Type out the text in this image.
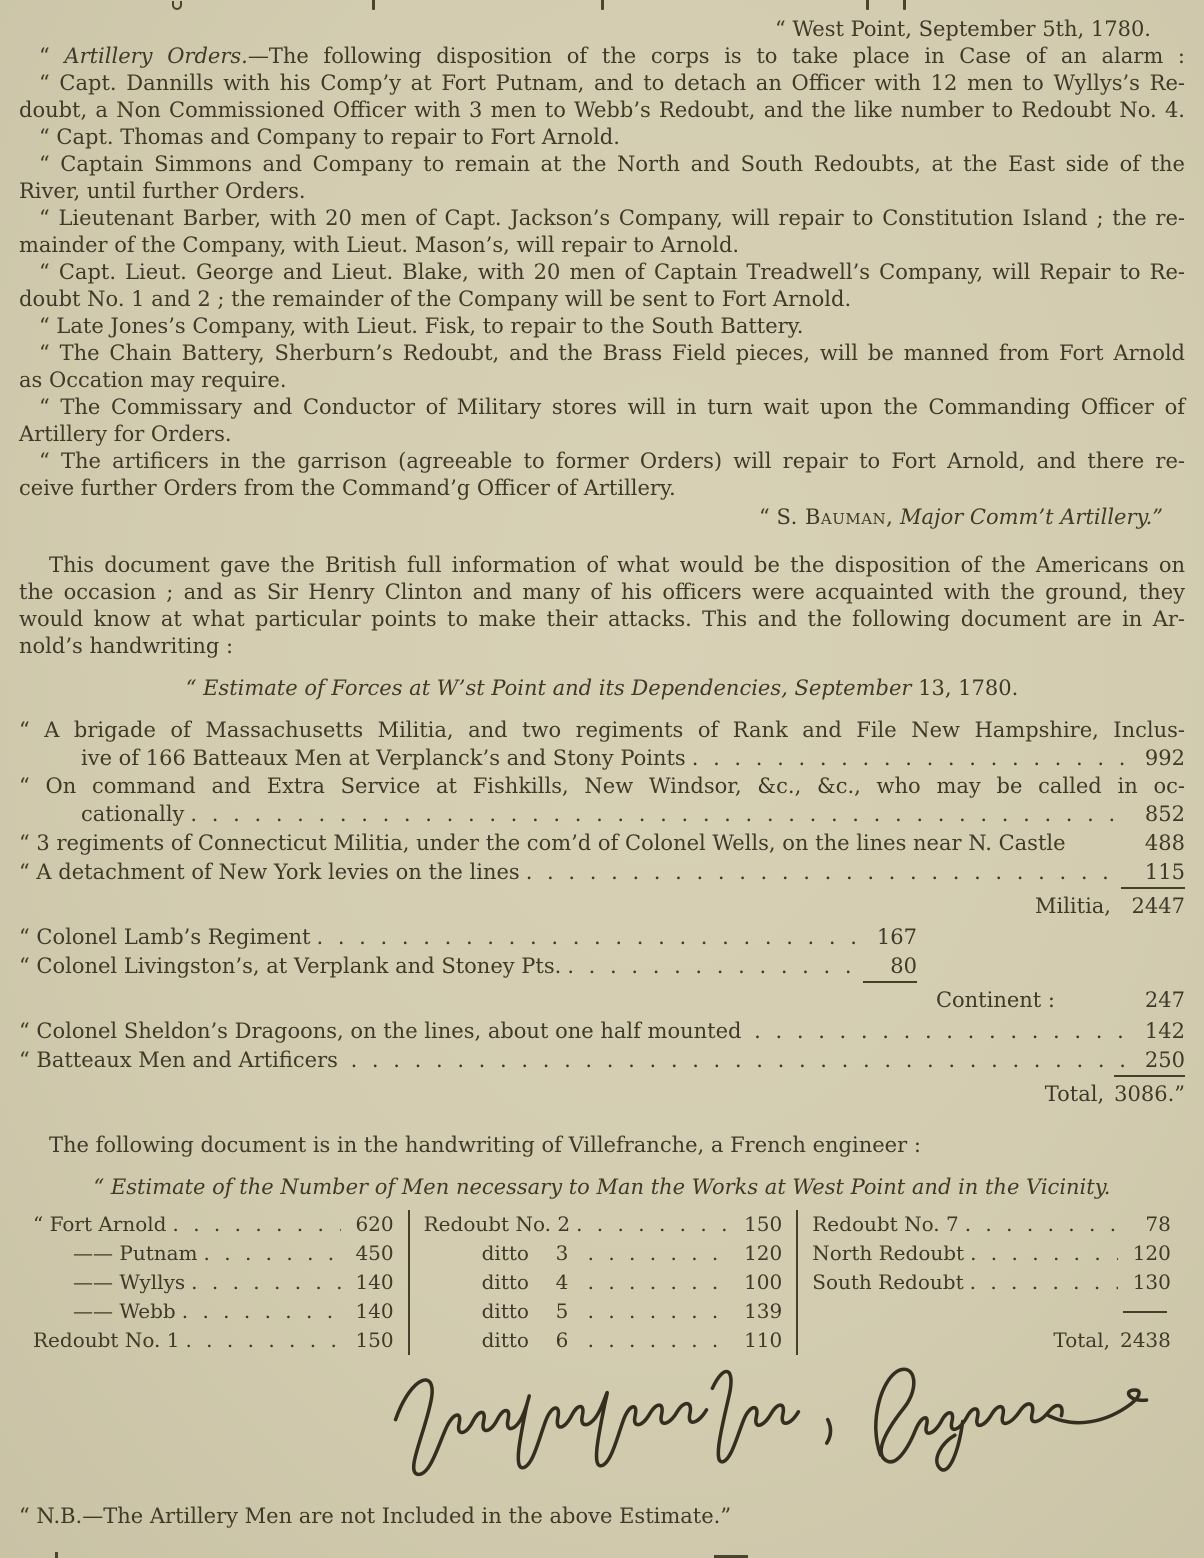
“ West Point, September 5th, 1780.
“ Artillery Orders.—The following disposition of the corps is to take place in Case of an alarm :
“ Capt. Dannills with his Comp’y at Fort Putnam, and to detach an Officer with 12 men to Wyllys’s Re-
doubt, a Non Commissioned Officer with 3 men to Webb’s Redoubt, and the like number to Redoubt No. 4.
“ Capt. Thomas and Company to repair to Fort Arnold.
“ Captain Simmons and Company to remain at the North and South Redoubts, at the East side of the
River, until further Orders.
“ Lieutenant Barber, with 20 men of Capt. Jackson’s Company, will repair to Constitution Island ; the re-
mainder of the Company, with Lieut. Mason’s, will repair to Arnold.
“ Capt. Lieut. George and Lieut. Blake, with 20 men of Captain Treadwell’s Company, will Repair to Re-
doubt No. 1 and 2 ; the remainder of the Company will be sent to Fort Arnold.
“ Late Jones’s Company, with Lieut. Fisk, to repair to the South Battery.
“ The Chain Battery, Sherburn’s Redoubt, and the Brass Field pieces, will be manned from Fort Arnold
as Occation may require.
“ The Commissary and Conductor of Military stores will in turn wait upon the Commanding Officer of
Artillery for Orders.
“ The artificers in the garrison (agreeable to former Orders) will repair to Fort Arnold, and there re-
ceive further Orders from the Command’g Officer of Artillery.
“ S. Bauman, Major Comm’t Artillery.”
This document gave the British full information of what would be the disposition of the Americans on
the occasion ; and as Sir Henry Clinton and many of his officers were acquainted with the ground, they
would know at what particular points to make their attacks. This and the following document are in Ar-
nold’s handwriting :
“ Estimate of Forces at W’st Point and its Dependencies, September 13, 1780.
“ A brigade of Massachusetts Militia, and two regiments of Rank and File New Hampshire, Inclus-
ive of 166 Batteaux Men at Verplanck’s and Stony Points . . .	992
“ On command and Extra Service at Fishkills, New Windsor, &c., &c., who may be called in oc-
cationally . . .	852
“ 3 regiments of Connecticut Militia, under the com’d of Colonel Wells, on the lines near N. Castle	488
“ A detachment of New York levies on the lines . . .	115
Militia, 2447
“ Colonel Lamb’s Regiment . . .	167
“ Colonel Livingston’s, at Verplank and Stoney Pts. . . .	80
Continent :	247
“ Colonel Sheldon’s Dragoons, on the lines, about one half mounted . . .	142
“ Batteaux Men and Artificers . . .	250
Total, 3086.”
The following document is in the handwriting of Villefranche, a French engineer :
“ Estimate of the Number of Men necessary to Man the Works at West Point and in the Vicinity.
“ Fort Arnold . . .	620
—— Putnam . . .	450
—— Wyllys . . .	140
—— Webb . . .	140
Redoubt No. 1 . . .	150
Redoubt No. 2 . . .	150
ditto	3 . . .	120
ditto	4 . . .	100
ditto	5 . . .	139
ditto	6 . . .	110
Redoubt No. 7 . . .	78
North Redoubt . . .	120
South Redoubt . . .	130
Total, 2438
“ N.B.—The Artillery Men are not Included in the above Estimate.”
